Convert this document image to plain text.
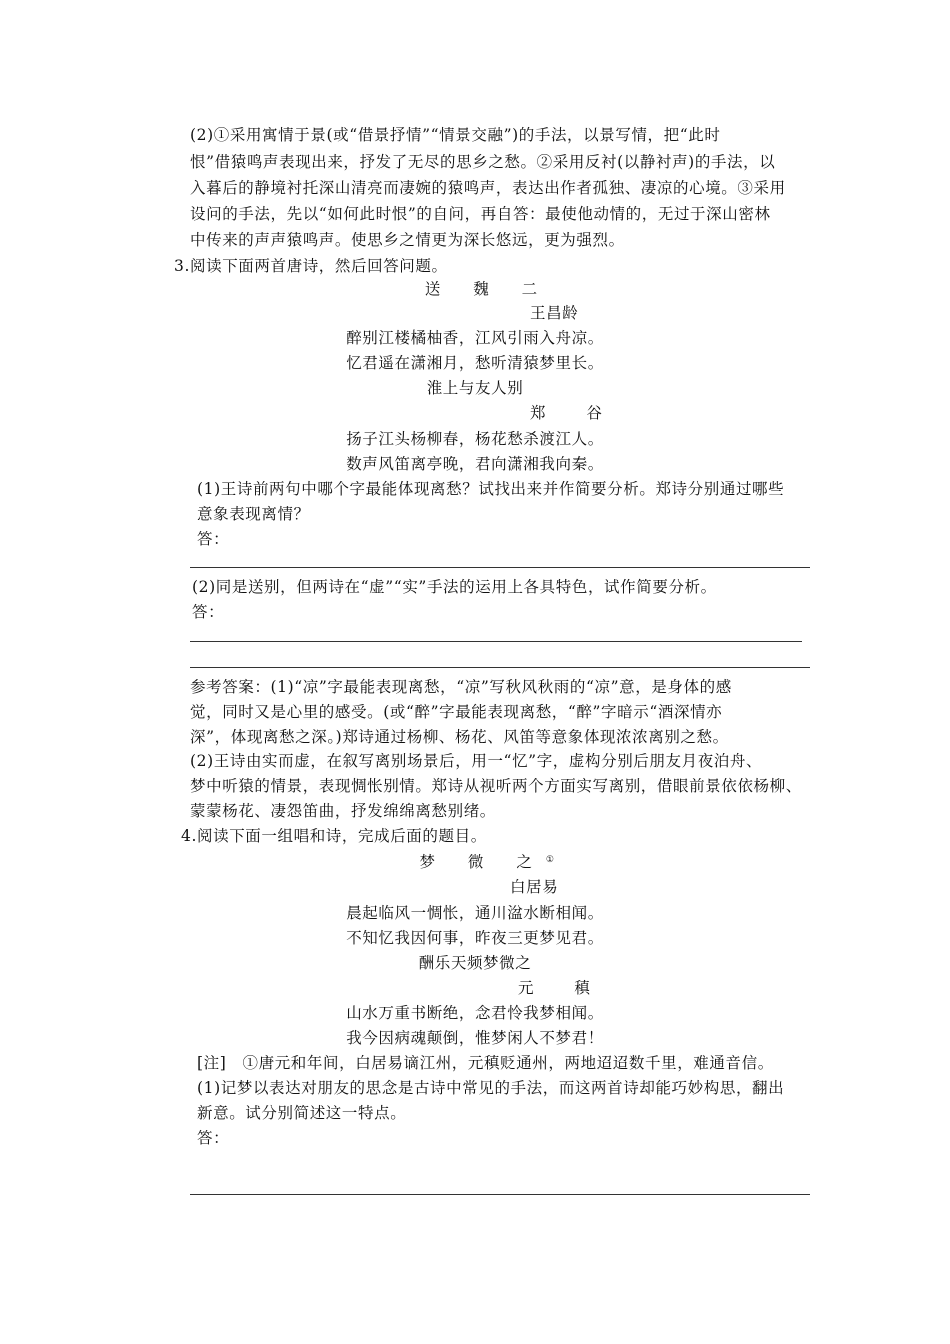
(2)①采用寓情于景(或“借景抒情”“情景交融”)的手法，以景写情，把“此时
恨”借猿鸣声表现出来，抒发了无尽的思乡之愁。②采用反衬(以静衬声)的手法，以
入暮后的静境衬托深山清亮而凄婉的猿鸣声，表达出作者孤独、凄凉的心境。③采用
设问的手法，先以“如何此时恨”的自问，再自答：最使他动情的，无过于深山密林
中传来的声声猿鸣声。使思乡之情更为深长悠远，更为强烈。
3.阅读下面两首唐诗，然后回答问题。
送 魏 二
王昌龄
醉别江楼橘柚香，江风引雨入舟凉。
忆君遥在潇湘月，愁听清猿梦里长。
淮上与友人别
郑 谷
扬子江头杨柳春，杨花愁杀渡江人。
数声风笛离亭晚，君向潇湘我向秦。
(1)王诗前两句中哪个字最能体现离愁？试找出来并作简要分析。郑诗分别通过哪些
意象表现离情？
答：
(2)同是送别，但两诗在“虚”“实”手法的运用上各具特色，试作简要分析。
答：
参考答案：(1)“凉”字最能表现离愁，“凉”写秋风秋雨的“凉”意，是身体的感
觉，同时又是心里的感受。(或“醉”字最能表现离愁，“醉”字暗示“酒深情亦
深”，体现离愁之深。)郑诗通过杨柳、杨花、风笛等意象体现浓浓离别之愁。
(2)王诗由实而虚，在叙写离别场景后，用一“忆”字，虚构分别后朋友月夜泊舟、
梦中听猿的情景，表现惆怅别情。郑诗从视听两个方面实写离别，借眼前景依依杨柳、
蒙蒙杨花、凄怨笛曲，抒发绵绵离愁别绪。
4.阅读下面一组唱和诗，完成后面的题目。
梦 微 之①
白居易
晨起临风一惆怅，通川湓水断相闻。
不知忆我因何事，昨夜三更梦见君。
酬乐天频梦微之
元 稹
山水万重书断绝，念君怜我梦相闻。
我今因病魂颠倒，惟梦闲人不梦君！
[注]　①唐元和年间，白居易谪江州，元稹贬通州，两地迢迢数千里，难通音信。
(1)记梦以表达对朋友的思念是古诗中常见的手法，而这两首诗却能巧妙构思，翻出
新意。试分别简述这一特点。
答：
